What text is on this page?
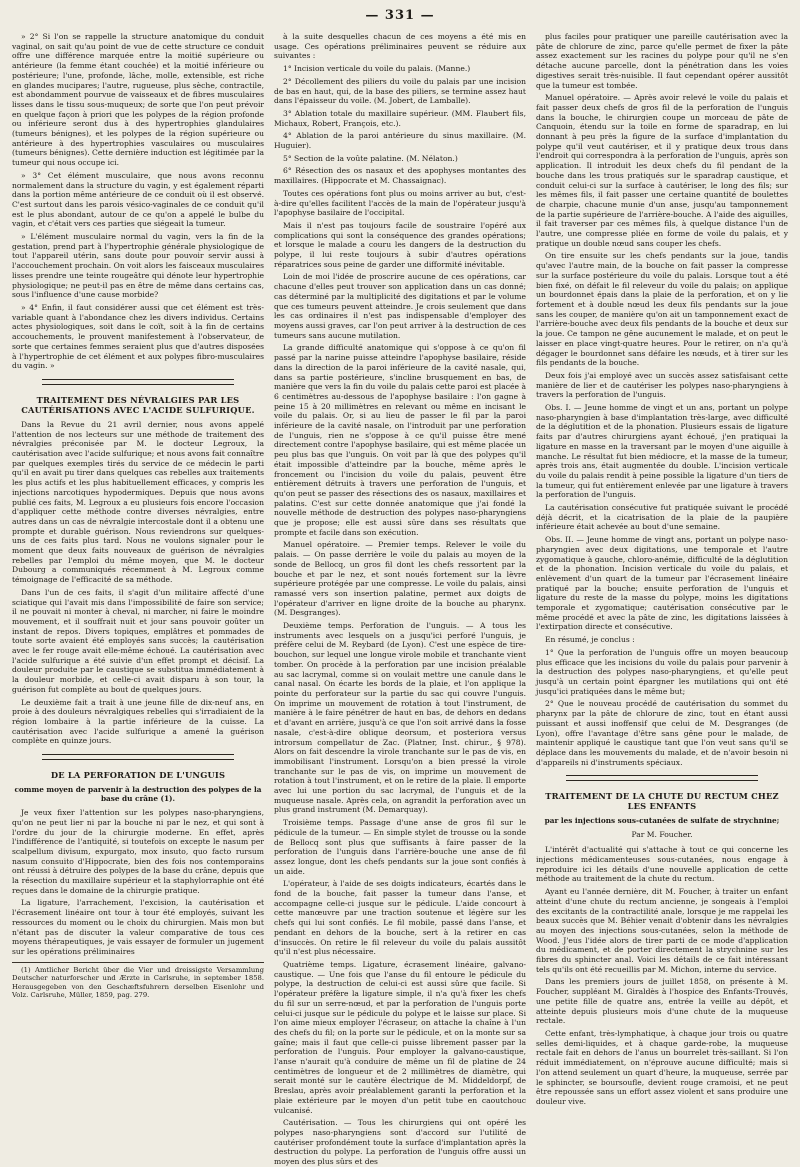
— 331 —

» 2° Si l'on se rappelle la structure anatomique du conduit vaginal, on sait qu'au point de vue de cette structure ce conduit offre une différence marquée entre la moitié supérieure ou antérieure (la femme étant couchée) et la moitié inférieure ou postérieure; l'une, profonde, lâche, molle, extensible, est riche en glandes mucipares; l'autre, rugueuse, plus sèche, contractile, est abondamment pourvue de vaisseaux et de fibres musculaires lisses dans le tissu sous-muqueux; de sorte que l'on peut prévoir en quelque façon à priori que les polypes de la région profonde ou inférieure seront dus à des hypertrophies glandulaires (tumeurs bénignes), et les polypes de la région supérieure ou antérieure à des hypertrophies vasculaires ou musculaires (tumeurs bénignes). Cette dernière induction est légitimée par la tumeur qui nous occupe ici.

» 3° Cet élément musculaire, que nous avons reconnu normalement dans la structure du vagin, y est également réparti dans la portion même antérieure de ce conduit où il est observé. C'est surtout dans les parois vésico-vaginales de ce conduit qu'il est le plus abondant, autour de ce qu'on a appelé le bulbe du vagin, et c'était vers ces parties que siégeait la tumeur.

» L'élément musculaire normal du vagin, vers la fin de la gestation, prend part à l'hypertrophie générale physiologique de tout l'appareil utérin, sans doute pour pouvoir servir aussi à l'accouchement prochain. On voit alors les faisceaux musculaires lisses prendre une teinte rougeâtre qui dénote leur hypertrophie physiologique; ne peut-il pas en être de même dans certains cas, sous l'influence d'une cause morbide?

» 4° Enfin, il faut considérer aussi que cet élément est très-variable quant à l'abondance chez les divers individus. Certains actes physiologiques, soit dans le coït, soit à la fin de certains accouchements, le prouvent manifestement à l'observateur, de sorte que certaines femmes seraient plus que d'autres disposées à l'hypertrophie de cet élément et aux polypes fibro-musculaires du vagin. »

TRAITEMENT DES NÉVRALGIES PAR LES CAUTÉRISATIONS AVEC L'ACIDE SULFURIQUE.

Dans la Revue du 21 avril dernier, nous avons appelé l'attention de nos lecteurs sur une méthode de traitement des névralgies préconisée par M. le docteur Legroux, la cautérisation avec l'acide sulfurique; et nous avons fait connaître par quelques exemples tirés du service de ce médecin le parti qu'il en avait pu tirer dans quelques cas rebelles aux traitements les plus actifs et les plus habituellement efficaces, y compris les injections narcotiques hypodermiques. Depuis que nous avons publié ces faits, M. Legroux a eu plusieurs fois encore l'occasion d'appliquer cette méthode contre diverses névralgies, entre autres dans un cas de névralgie intercostale dont il a obtenu une prompte et durable guérison. Nous reviendrons sur quelques-uns de ces faits plus tard. Nous ne voulons signaler pour le moment que deux faits nouveaux de guérison de névralgies rebelles par l'emploi du même moyen, que M. le docteur Dubourg a communiqués récemment à M. Legroux comme témoignage de l'efficacité de sa méthode.

Dans l'un de ces faits, il s'agit d'un militaire affecté d'une sciatique qui l'avait mis dans l'impossibilité de faire son service; il ne pouvait ni monter à cheval, ni marcher, ni faire le moindre mouvement, et il souffrait nuit et jour sans pouvoir goûter un instant de repos. Divers topiques, emplâtres et pommades de toute sorte avaient été employés sans succès; la cautérisation avec le fer rouge avait elle-même échoué. La cautérisation avec l'acide sulfurique a été suivie d'un effet prompt et décisif. La douleur produite par le caustique se substitua immédiatement à la douleur morbide, et celle-ci avait disparu à son tour, la guérison fut complète au bout de quelques jours.

Le deuxième fait a trait à une jeune fille de dix-neuf ans, en proie à des douleurs névralgiques rebelles qui s'irradiaient de la région lombaire à la partie inférieure de la cuisse. La cautérisation avec l'acide sulfurique a amené la guérison complète en quinze jours.

DE LA PERFORATION DE L'UNGUIS
comme moyen de parvenir à la destruction des polypes de la base du crâne (1).

Je veux fixer l'attention sur les polypes naso-pharyngiens, qu'on ne peut lier ni par la bouche ni par le nez, et qui sont à l'ordre du jour de la chirurgie moderne. En effet, après l'indifférence de l'antiquité, si toutefois on excepte le nasum per scalpellum divisum, expurgato, mox insuto, quo facto rursum nasum consuito d'Hippocrate, bien des fois nos contemporains ont réussi à détruire des polypes de la base du crâne, depuis que la résection du maxillaire supérieur et la staphylorraphie ont été reçues dans le domaine de la chirurgie pratique.

La ligature, l'arrachement, l'excision, la cautérisation et l'écrasement linéaire ont tour à tour été employés, suivant les ressources du moment ou le choix du chirurgien. Mais mon but n'étant pas de discuter la valeur comparative de tous ces moyens thérapeutiques, je vais essayer de formuler un jugement sur les opérations préliminaires

(1) Amtlicher Bericht über die Vier und dreissigste Versammlung Deutscher naturforscher und Ærzte in Carlsruhe, in september 1858. Herausgegeben von den Geschæftsfuhrern derselben Eisenlohr und Volz. Carlsruhe, Müller, 1859, pag. 279.

à la suite desquelles chacun de ces moyens a été mis en usage. Ces opérations préliminaires peuvent se réduire aux suivantes :

1° Incision verticale du voile du palais. (Manne.)

2° Décollement des piliers du voile du palais par une incision de bas en haut, qui, de la base des piliers, se termine assez haut dans l'épaisseur du voile. (M. Jobert, de Lamballe).

3° Ablation totale du maxillaire supérieur. (MM. Flaubert fils, Michaux, Robert, François, etc.).

4° Ablation de la paroi antérieure du sinus maxillaire. (M. Huguier).

5° Section de la voûte palatine. (M. Nélaton.)

6° Résection des os nasaux et des apophyses montantes des maxillaires. (Hippocrate et M. Chassaignac).

Toutes ces opérations font plus ou moins arriver au but, c'est-à-dire qu'elles facilitent l'accès de la main de l'opérateur jusqu'à l'apophyse basilaire de l'occipital.

Mais il n'est pas toujours facile de soustraire l'opéré aux complications qui sont la conséquence des grandes opérations; et lorsque le malade a couru les dangers de la destruction du polype, il lui reste toujours à subir d'autres opérations réparatrices sous peine de garder une difformité inévitable.

Loin de moi l'idée de proscrire aucune de ces opérations, car chacune d'elles peut trouver son application dans un cas donné; cas déterminé par la multiplicité des digitations et par le volume que ces tumeurs peuvent atteindre. Je crois seulement que dans les cas ordinaires il n'est pas indispensable d'employer des moyens aussi graves, car l'on peut arriver à la destruction de ces tumeurs sans aucune mutilation.

La grande difficulté anatomique qui s'oppose à ce qu'on fil passé par la narine puisse atteindre l'apophyse basilaire, réside dans la direction de la paroi inférieure de la cavité nasale, qui, dans sa partie postérieure, s'incline brusquement en bas, de manière que vers la fin du voile du palais cette paroi est placée à 6 centimètres au-dessous de l'apophyse basilaire : l'on gagne à peine 15 à 20 millimètres en relevant ou même en incisant le voile du palais. Or, si au lieu de passer le fil par la paroi inférieure de la cavité nasale, on l'introduit par une perforation de l'unguis, rien ne s'oppose à ce qu'il puisse être mené directement contre l'apophyse basilaire, qui est même placée un peu plus bas que l'unguis. On voit par là que des polypes qu'il était impossible d'atteindre par la bouche, même après le froncement ou l'incision du voile du palais, peuvent être entièrement détruits à travers une perforation de l'unguis, et qu'on peut se passer des résections des os nasaux, maxillaires et palatins. C'est sur cette donnée anatomique que j'ai fondé la nouvelle méthode de destruction des polypes naso-pharyngiens que je propose; elle est aussi sûre dans ses résultats que prompte et facile dans son exécution.

Manuel opératoire. — Premier temps. Relever le voile du palais. — On passe derrière le voile du palais au moyen de la sonde de Bellocq, un gros fil dont les chefs ressortent par la bouche et par le nez, et sont noués fortement sur la lèvre supérieure protégée par une compresse. Le voile du palais, ainsi ramassé vers son insertion palatine, permet aux doigts de l'opérateur d'arriver en ligne droite de la bouche au pharynx. (M. Desgranges).

Deuxième temps. Perforation de l'unguis. — A tous les instruments avec lesquels on a jusqu'ici perforé l'unguis, je préfère celui de M. Reybard (de Lyon). C'est une espèce de tire-bouchon, sur lequel une longue virole mobile et tranchante vient tomber. On procède à la perforation par une incision préalable au sac lacrymal, comme si on voulait mettre une canule dans le canal nasal. On écarte les bords de la plaie, et l'on applique la pointe du perforateur sur la partie du sac qui couvre l'unguis. On imprime un mouvement de rotation à tout l'instrument, de manière à le faire pénétrer de haut en bas, de dehors en dedans et d'avant en arrière, jusqu'à ce que l'on soit arrivé dans la fosse nasale, c'est-à-dire oblique deorsum, et posteriora versus introrsum compellatur de Zac. (Platner, Inst. chirur., § 978). Alors on fait descendre la virole tranchante sur le pas de vis, en immobilisant l'instrument. Lorsqu'on a bien pressé la virole tranchante sur le pas de vis, on imprime un mouvement de rotation à tout l'instrument, et on le retire de la plaie. Il emporte avec lui une portion du sac lacrymal, de l'unguis et de la muqueuse nasale. Après cela, on agrandit la perforation avec un plus grand instrument (M. Demarquay).

Troisième temps. Passage d'une anse de gros fil sur le pédicule de la tumeur. — En simple stylet de trousse ou la sonde de Bellocq sont plus que suffisants à faire passer de la perforation de l'unguis dans l'arrière-bouche une anse de fil assez longue, dont les chefs pendants sur la joue sont confiés à un aide.

L'opérateur, à l'aide de ses doigts indicateurs, écartés dans le fond de la bouche, fait passer la tumeur dans l'anse, et accompagne celle-ci jusque sur le pédicule. L'aide concourt à cette manœuvre par une traction soutenue et légère sur les chefs qui lui sont confiés. Le fil mobile, passé dans l'anse, et pendant en dehors de la bouche, sert à la retirer en cas d'insuccès. On retire le fil releveur du voile du palais aussitôt qu'il n'est plus nécessaire.

Quatrième temps. Ligature, écrasement linéaire, galvano-caustique. — Une fois que l'anse du fil entoure le pédicule du polype, la destruction de celui-ci est aussi sûre que facile. Si l'opérateur préfère la ligature simple, il n'a qu'à fixer les chefs du fil sur un serre-nœud, et par la perforation de l'unguis porte celui-ci jusque sur le pédicule du polype et le laisse sur place. Si l'on aime mieux employer l'écraseur, on attache la chaîne à l'un des chefs du fil; on la porte sur le pédicule, et on la monte sur sa gaîne; mais il faut que celle-ci puisse librement passer par la perforation de l'unguis. Pour employer la galvano-caustique, l'anse n'aurait qu'à conduire de même un fil de platine de 24 centimètres de longueur et de 2 millimètres de diamètre, qui serait monté sur le cautère électrique de M. Middeldorpf, de Breslau, après avoir préalablement garanti la perforation et la plaie extérieure par le moyen d'un petit tube en caoutchouc vulcanisé.

Cautérisation. — Tous les chirurgiens qui ont opéré les polypes naso-pharyngiens sont d'accord sur l'utilité de cautériser profondément toute la surface d'implantation après la destruction du polype. La perforation de l'unguis offre aussi un moyen des plus sûrs et des

plus faciles pour pratiquer une pareille cautérisation avec la pâte de chlorure de zinc, parce qu'elle permet de fixer la pâte assez exactement sur les racines du polype pour qu'il ne s'en détache aucune parcelle, dont la pénétration dans les voies digestives serait très-nuisible. Il faut cependant opérer aussitôt que la tumeur est tombée.

Manuel opératoire. — Après avoir relevé le voile du palais et fait passer deux chefs de gros fil de la perforation de l'unguis dans la bouche, le chirurgien coupe un morceau de pâte de Canquoin, étendu sur la toile en forme de sparadrap, en lui donnant à peu près la figure de la surface d'implantation du polype qu'il veut cautériser, et il y pratique deux trous dans l'endroit qui correspondra à la perforation de l'unguis, après son application. Il introduit les deux chefs du fil pendant de la bouche dans les trous pratiqués sur le sparadrap caustique, et conduit celui-ci sur la surface à cautériser, le long des fils; sur les mêmes fils, il fait passer une certaine quantité de boulettes de charpie, chacune munie d'un anse, jusqu'au tamponnement de la partie supérieure de l'arrière-bouche. A l'aide des aiguilles, il fait traverser par ces mêmes fils, à quelque distance l'un de l'autre, une compresse pliée en forme de voile du palais, et y pratique un double nœud sans couper les chefs.

On tire ensuite sur les chefs pendants sur la joue, tandis qu'avec l'autre main, de la bouche on fait passer la compresse sur la surface postérieure du voile du palais. Lorsque tout a été bien fixé, on défait le fil releveur du voile du palais; on applique un bourdonnet épais dans la plaie de la perforation, et on y lie fortement et à double nœud les deux fils pendants sur la joue sans les couper, de manière qu'on ait un tamponnement exact de l'arrière-bouche avec deux fils pendants de la bouche et deux sur la joue. Ce tampon ne gêne aucunement le malade, et on peut le laisser en place vingt-quatre heures. Pour le retirer, on n'a qu'à dégager le bourdonnet sans défaire les nœuds, et à tirer sur les fils pendants de la bouche.

Deux fois j'ai employé avec un succès assez satisfaisant cette manière de lier et de cautériser les polypes naso-pharyngiens à travers la perforation de l'unguis.

Obs. I. — Jeune homme de vingt et un ans, portant un polype naso-pharyngien à base d'implantation très-large, avec difficulté de la déglutition et de la phonation. Plusieurs essais de ligature faits par d'autres chirurgiens ayant échoué, j'en pratiquai la ligature en masse en la traversant par le moyen d'une aiguille à manche. Le résultat fut bien médiocre, et la masse de la tumeur, après trois ans, était augmentée du double. L'incision verticale du voile du palais rendit à peine possible la ligature d'un tiers de la tumeur, qui fut entièrement enlevée par une ligature à travers la perforation de l'unguis.

La cautérisation consécutive fut pratiquée suivant le procédé déjà décrit, et la cicatrisation de la plaie de la paupière inférieure était achevée au bout d'une semaine.

Obs. II. — Jeune homme de vingt ans, portant un polype naso-pharyngien avec deux digitations, une temporale et l'autre zygomatique à gauche, chloro-anémie, difficulté de la déglutition et de la phonation. Incision verticale du voile du palais, et enlèvement d'un quart de la tumeur par l'écrasement linéaire pratiqué par la bouche; ensuite perforation de l'unguis et ligature du reste de la masse du polype, moins les digitations temporale et zygomatique; cautérisation consécutive par le même procédé et avec la pâte de zinc, les digitations laissées à l'extirpation directe et consécutive.

En résumé, je conclus :

1° Que la perforation de l'unguis offre un moyen beaucoup plus efficace que les incisions du voile du palais pour parvenir à la destruction des polypes naso-pharyngiens, et qu'elle peut jusqu'à un certain point épargner les mutilations qui ont été jusqu'ici pratiquées dans le même but;

2° Que le nouveau procédé de cautérisation du sommet du pharynx par la pâte de chlorure de zinc, tout en étant aussi puissant et aussi inoffensif que celui de M. Desgranges (de Lyon), offre l'avantage d'être sans gêne pour le malade, de maintenir appliqué le caustique tant que l'on veut sans qu'il se déplace dans les mouvements du malade, et de n'avoir besoin ni d'appareils ni d'instruments spéciaux.

TRAITEMENT DE LA CHUTE DU RECTUM CHEZ LES ENFANTS
par les injections sous-cutanées de sulfate de strychnine;
Par M. Foucher.

L'intérêt d'actualité qui s'attache à tout ce qui concerne les injections médicamenteuses sous-cutanées, nous engage à reproduire ici les détails d'une nouvelle application de cette méthode au traitement de la chute du rectum.

Ayant eu l'année dernière, dit M. Foucher, à traiter un enfant atteint d'une chute du rectum ancienne, je songeais à l'emploi des excitants de la contractilité anale, lorsque je me rappelai les beaux succès que M. Béhier venait d'obtenir dans les névralgies au moyen des injections sous-cutanées, selon la méthode de Wood. J'eus l'idée alors de tirer parti de ce mode d'application du médicament, et de porter directement la strychnine sur les fibres du sphincter anal. Voici les détails de ce fait intéressant tels qu'ils ont été recueillis par M. Michon, interne du service.

Dans les premiers jours de juillet 1858, on présente à M. Foucher, suppléant M. Giraldès à l'hospice des Enfants-Trouvés, une petite fille de quatre ans, entrée la veille au dépôt, et atteinte depuis plusieurs mois d'une chute de la muqueuse rectale.

Cette enfant, très-lymphatique, à chaque jour trois ou quatre selles demi-liquides, et à chaque garde-robe, la muqueuse rectale fait en dehors de l'anus un bourrelet très-saillant. Si l'on réduit immédiatement, on n'éprouve aucune difficulté; mais si l'on attend seulement un quart d'heure, la muqueuse, serrée par le sphincter, se boursoufle, devient rouge cramoisi, et ne peut être repoussée sans un effort assez violent et sans produire une douleur vive.
